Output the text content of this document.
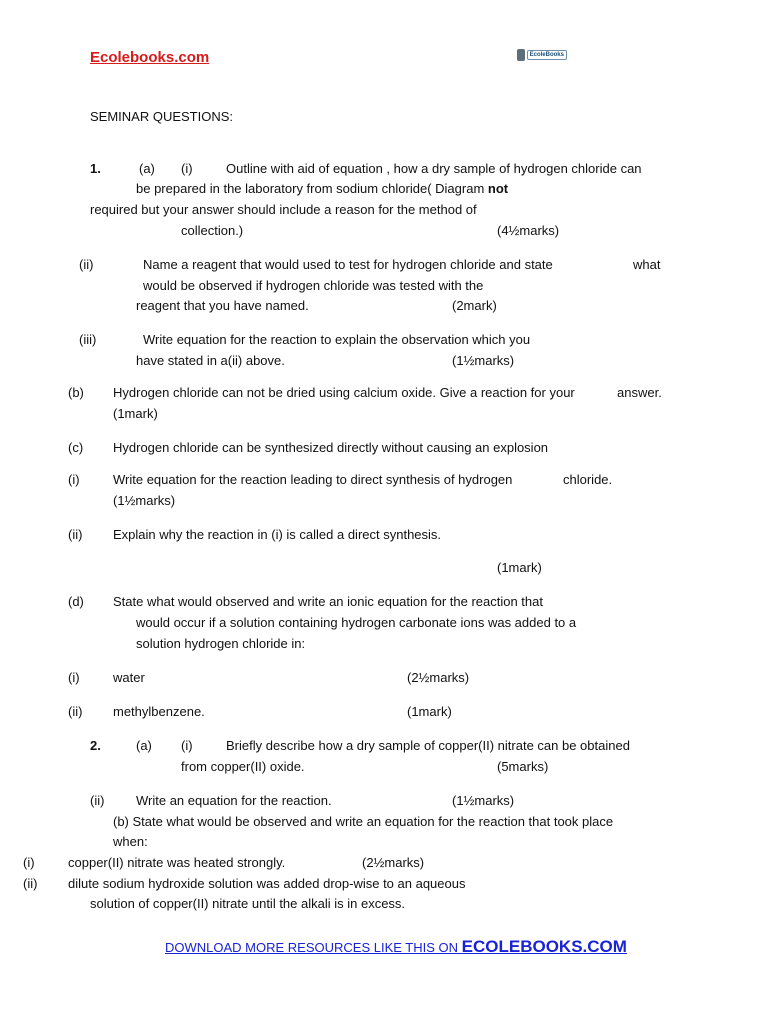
Ecolebooks.com	EcoleBooks
SEMINAR QUESTIONS:
1.	(a) (i)	Outline with aid of equation , how a dry sample of hydrogen chloride can
be prepared in the laboratory from sodium chloride( Diagram not
required but your answer should include a reason for the method of
collection.)	(4½marks)
(ii)	Name a reagent that would used to test for hydrogen chloride and state	what
would be observed if hydrogen chloride was tested with the
reagent that you have named.	(2mark)
(iii)	Write equation for the reaction to explain the observation which you
have stated in a(ii) above.	(1½marks)
(b) Hydrogen chloride can not be dried using calcium oxide. Give a reaction for your	answer.
(1mark)
(c) Hydrogen chloride can be synthesized directly without causing an explosion
(i)	Write equation for the reaction leading to direct synthesis of hydrogen	chloride.
(1½marks)
(ii) Explain why the reaction in (i) is called a direct synthesis.
(1mark)
(d) State what would observed and write an ionic equation for the reaction that
would occur if a solution containing hydrogen carbonate ions was added to a
solution hydrogen chloride in:
(i)	water	(2½marks)
(ii) methylbenzene.	(1mark)
2.	(a) (i)	Briefly describe how a dry sample of copper(II) nitrate can be obtained
from copper(II) oxide.	(5marks)
(ii) Write an equation for the reaction.	(1½marks)
(b) State what would be observed and write an equation for the reaction that took place
when:
(i)	copper(II) nitrate was heated strongly.	(2½marks)
(ii) dilute sodium hydroxide solution was added drop-wise to an aqueous
solution of copper(II) nitrate until the alkali is in excess.
DOWNLOAD MORE RESOURCES LIKE THIS ON ECOLEBOOKS.COM
